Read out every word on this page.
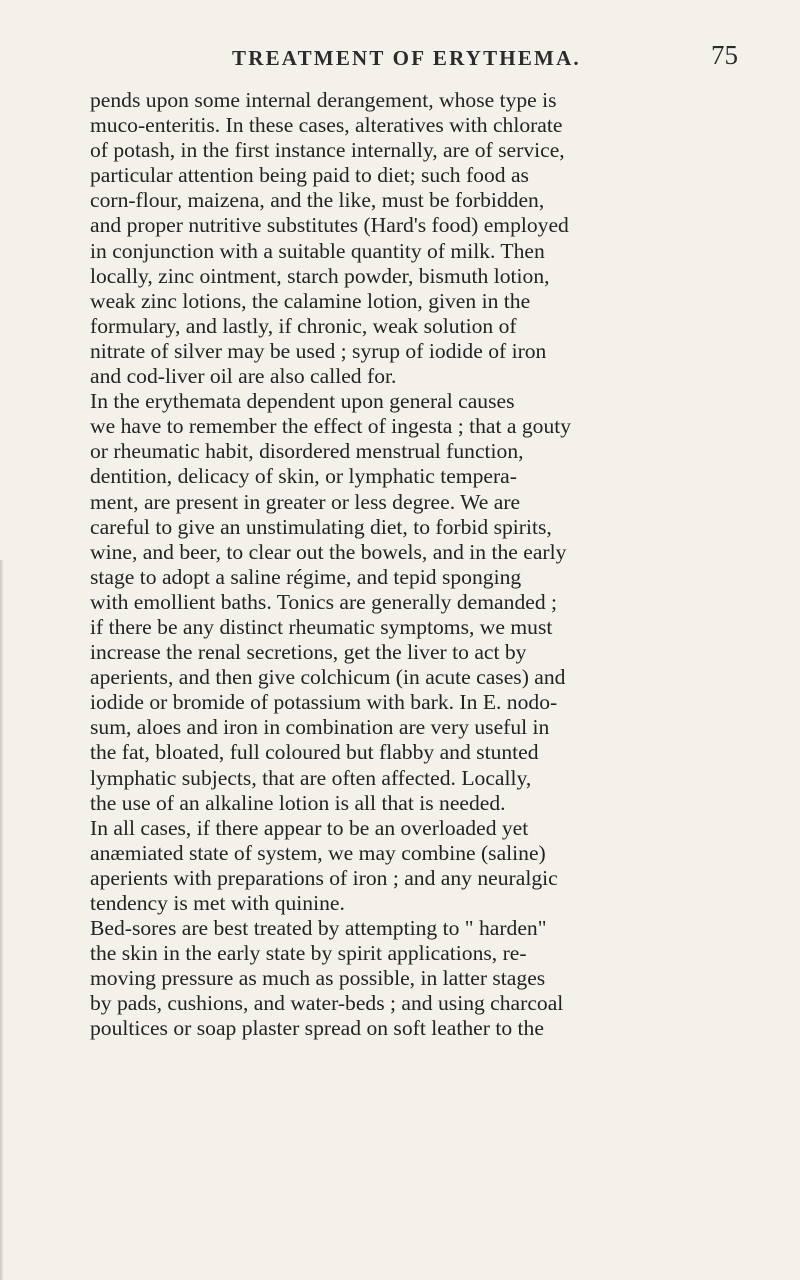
TREATMENT OF ERYTHEMA.	75

pends upon some internal derangement, whose type is
muco-enteritis. In these cases, alteratives with chlorate
of potash, in the first instance internally, are of service,
particular attention being paid to diet; such food as
corn-flour, maizena, and the like, must be forbidden,
and proper nutritive substitutes (Hard's food) employed
in conjunction with a suitable quantity of milk. Then
locally, zinc ointment, starch powder, bismuth lotion,
weak zinc lotions, the calamine lotion, given in the
formulary, and lastly, if chronic, weak solution of
nitrate of silver may be used ; syrup of iodide of iron
and cod-liver oil are also called for.

In the erythemata dependent upon general causes
we have to remember the effect of ingesta ; that a gouty
or rheumatic habit, disordered menstrual function,
dentition, delicacy of skin, or lymphatic tempera-
ment, are present in greater or less degree. We are
careful to give an unstimulating diet, to forbid spirits,
wine, and beer, to clear out the bowels, and in the early
stage to adopt a saline régime, and tepid sponging
with emollient baths. Tonics are generally demanded ;
if there be any distinct rheumatic symptoms, we must
increase the renal secretions, get the liver to act by
aperients, and then give colchicum (in acute cases) and
iodide or bromide of potassium with bark. In E. nodo-
sum, aloes and iron in combination are very useful in
the fat, bloated, full coloured but flabby and stunted
lymphatic subjects, that are often affected. Locally,
the use of an alkaline lotion is all that is needed.

In all cases, if there appear to be an overloaded yet
anæmiated state of system, we may combine (saline)
aperients with preparations of iron ; and any neuralgic
tendency is met with quinine.

Bed-sores are best treated by attempting to " harden"
the skin in the early state by spirit applications, re-
moving pressure as much as possible, in latter stages
by pads, cushions, and water-beds ; and using charcoal
poultices or soap plaster spread on soft leather to the
